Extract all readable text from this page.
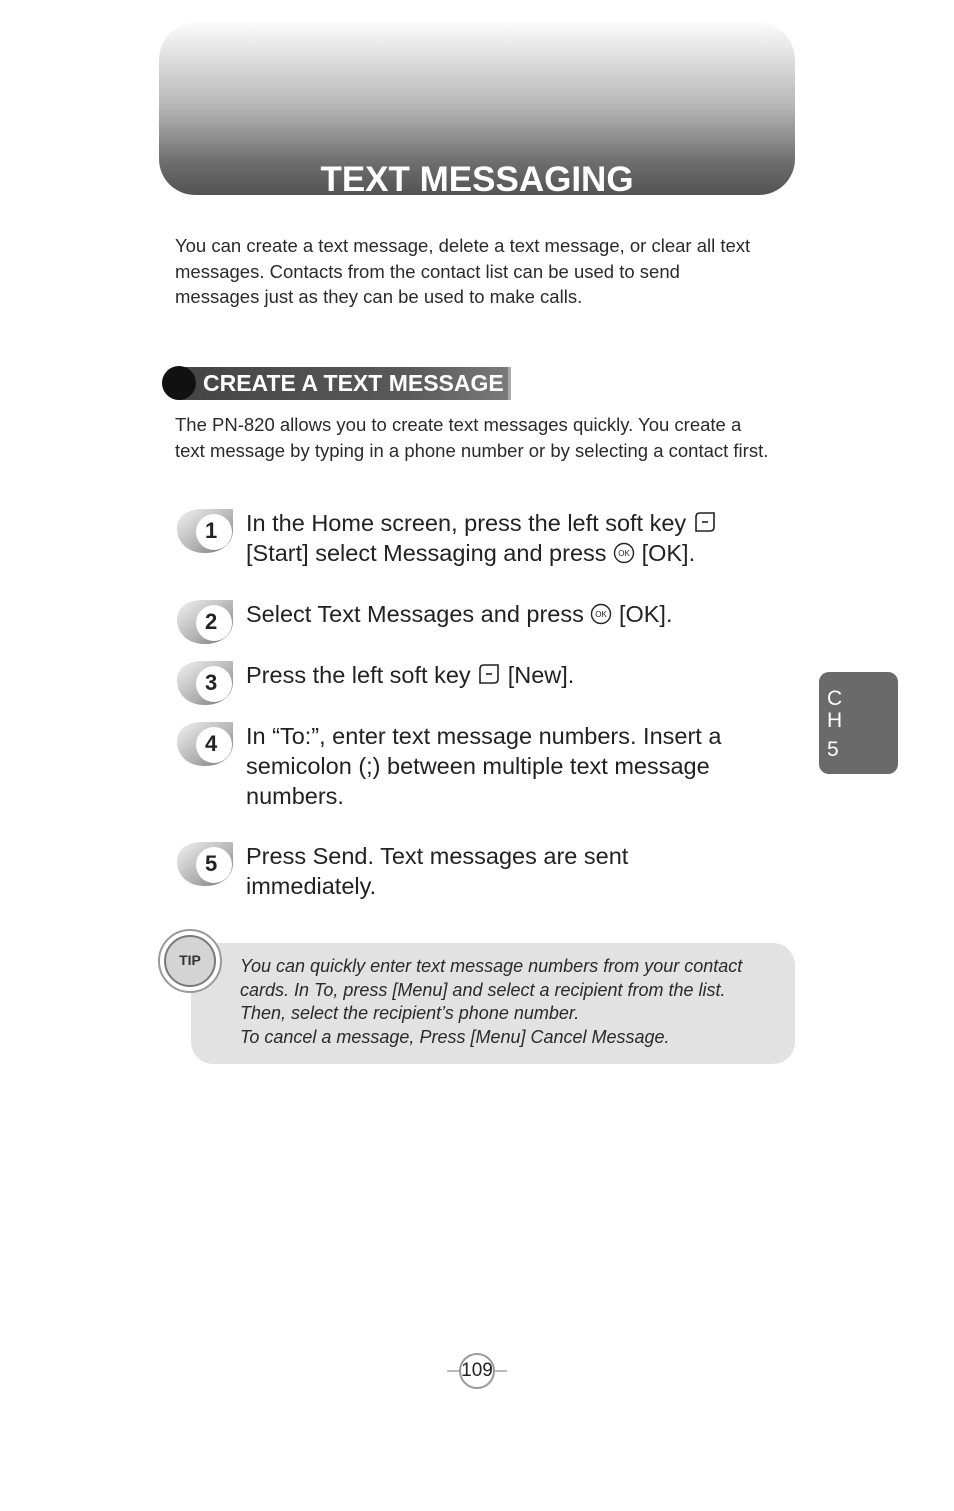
TEXT MESSAGING

You can create a text message, delete a text message, or clear all text messages. Contacts from the contact list can be used to send messages just as they can be used to make calls.

CREATE A TEXT MESSAGE

The PN-820 allows you to create text messages quickly. You create a text message by typing in a phone number or by selecting a contact first.

1 In the Home screen, press the left soft key
[Start] select Messaging and press OK [OK].

2 Select Text Messages and press OK [OK].

3 Press the left soft key [New].

4 In “To:”, enter text message numbers. Insert a semicolon (;) between multiple text message numbers.

5 Press Send. Text messages are sent immediately.

TIP	You can quickly enter text message numbers from your contact
cards. In To, press [Menu] and select a recipient from the list.
Then, select the recipient’s phone number.
To cancel a message, Press [Menu] Cancel Message.

C
H
5
109
